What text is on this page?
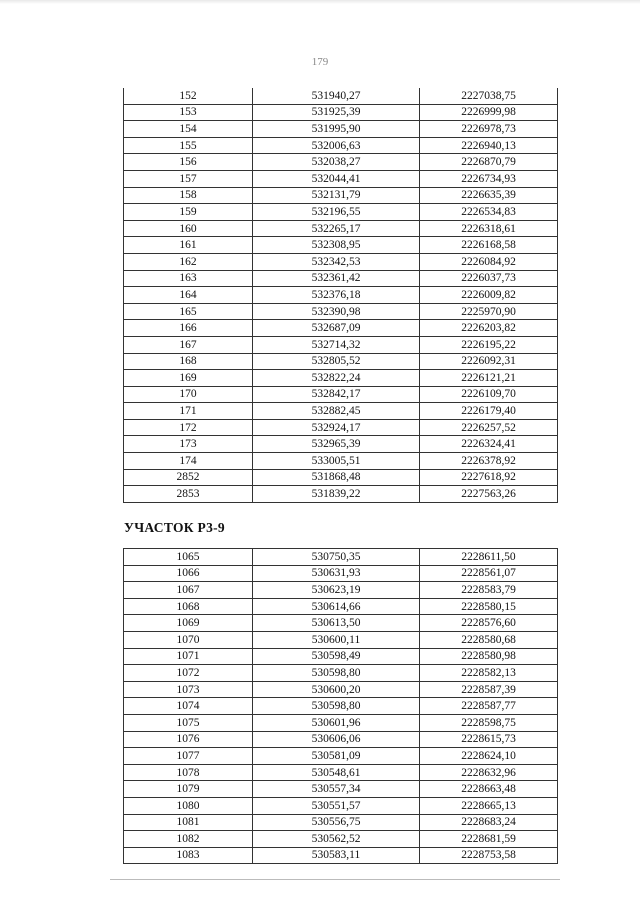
179
152	531940,27	2227038,75
153	531925,39	2226999,98
154	531995,90	2226978,73
155	532006,63	2226940,13
156	532038,27	2226870,79
157	532044,41	2226734,93
158	532131,79	2226635,39
159	532196,55	2226534,83
160	532265,17	2226318,61
161	532308,95	2226168,58
162	532342,53	2226084,92
163	532361,42	2226037,73
164	532376,18	2226009,82
165	532390,98	2225970,90
166	532687,09	2226203,82
167	532714,32	2226195,22
168	532805,52	2226092,31
169	532822,24	2226121,21
170	532842,17	2226109,70
171	532882,45	2226179,40
172	532924,17	2226257,52
173	532965,39	2226324,41
174	533005,51	2226378,92
2852	531868,48	2227618,92
2853	531839,22	2227563,26
УЧАСТОК Р3-9
1065	530750,35	2228611,50
1066	530631,93	2228561,07
1067	530623,19	2228583,79
1068	530614,66	2228580,15
1069	530613,50	2228576,60
1070	530600,11	2228580,68
1071	530598,49	2228580,98
1072	530598,80	2228582,13
1073	530600,20	2228587,39
1074	530598,80	2228587,77
1075	530601,96	2228598,75
1076	530606,06	2228615,73
1077	530581,09	2228624,10
1078	530548,61	2228632,96
1079	530557,34	2228663,48
1080	530551,57	2228665,13
1081	530556,75	2228683,24
1082	530562,52	2228681,59
1083	530583,11	2228753,58
